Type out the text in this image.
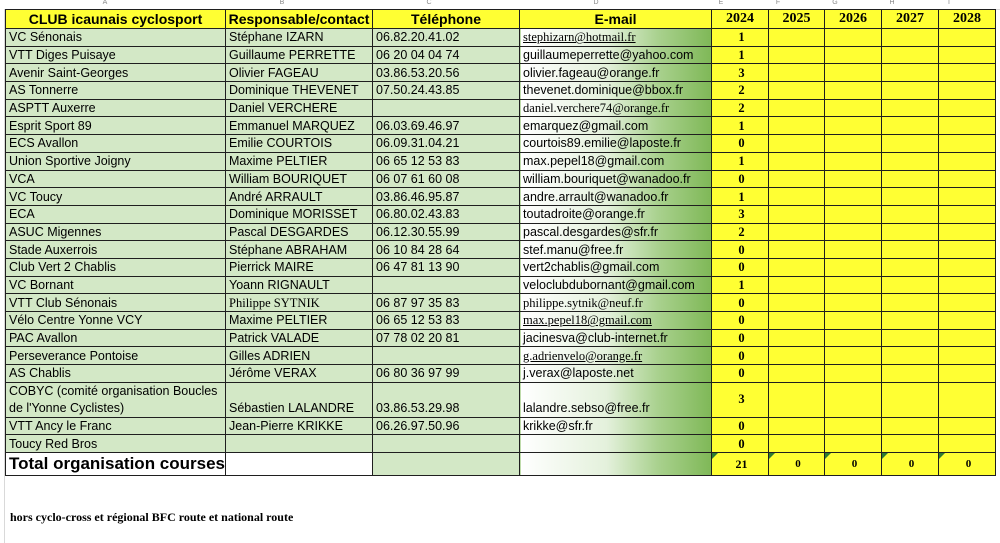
A	B	C	D	E	F	G	H	I
CLUB icaunais cyclosport	Responsable/contact	Téléphone	E-mail	2024	2025	2026	2027	2028
VC Sénonais	Stéphane IZARN	06.82.20.41.02	stephizarn@hotmail.fr	1				
VTT Diges Puisaye	Guillaume PERRETTE	06 20 04 04 74	guillaumeperrette@yahoo.com	1				
Avenir Saint-Georges	Olivier FAGEAU	03.86.53.20.56	olivier.fageau@orange.fr	3				
AS Tonnerre	Dominique THEVENET	07.50.24.43.85	thevenet.dominique@bbox.fr	2				
ASPTT Auxerre	Daniel VERCHERE		daniel.verchere74@orange.fr	2				
Esprit Sport 89	Emmanuel MARQUEZ	06.03.69.46.97	emarquez@gmail.com	1				
ECS Avallon	Emilie COURTOIS	06.09.31.04.21	courtois89.emilie@laposte.fr	0				
Union Sportive Joigny	Maxime PELTIER	06 65 12 53 83	max.pepel18@gmail.com	1				
VCA	William BOURIQUET	06 07 61 60 08	william.bouriquet@wanadoo.fr	0				
VC Toucy	André ARRAULT	03.86.46.95.87	andre.arrault@wanadoo.fr	1				
ECA	Dominique MORISSET	06.80.02.43.83	toutadroite@orange.fr	3				
ASUC Migennes	Pascal DESGARDES	06.12.30.55.99	pascal.desgardes@sfr.fr	2				
Stade Auxerrois	Stéphane ABRAHAM	06 10 84 28 64	stef.manu@free.fr	0				
Club Vert 2 Chablis	Pierrick MAIRE	06 47 81 13 90	vert2chablis@gmail.com	0				
VC Bornant	Yoann RIGNAULT		veloclubdubornant@gmail.com	1				
VTT Club Sénonais	Philippe SYTNIK	06 87 97 35 83	philippe.sytnik@neuf.fr	0				
Vélo Centre Yonne VCY	Maxime PELTIER	06 65 12 53 83	max.pepel18@gmail.com	0				
PAC Avallon	Patrick VALADE	07 78 02 20 81	jacinesva@club-internet.fr	0				
Perseverance Pontoise	Gilles ADRIEN		g.adrienvelo@orange.fr	0				
AS Chablis	Jérôme VERAX	06 80 36 97 99	j.verax@laposte.net	0				
COBYC (comité organisation Boucles de l'Yonne Cyclistes)	Sébastien LALANDRE	03.86.53.29.98	lalandre.sebso@free.fr	3				
VTT Ancy le Franc	Jean-Pierre KRIKKE	06.26.97.50.96	krikke@sfr.fr	0				
Toucy Red Bros				0				
Total organisation courses				21	0	0	0	0
hors cyclo-cross et régional BFC route et national route
